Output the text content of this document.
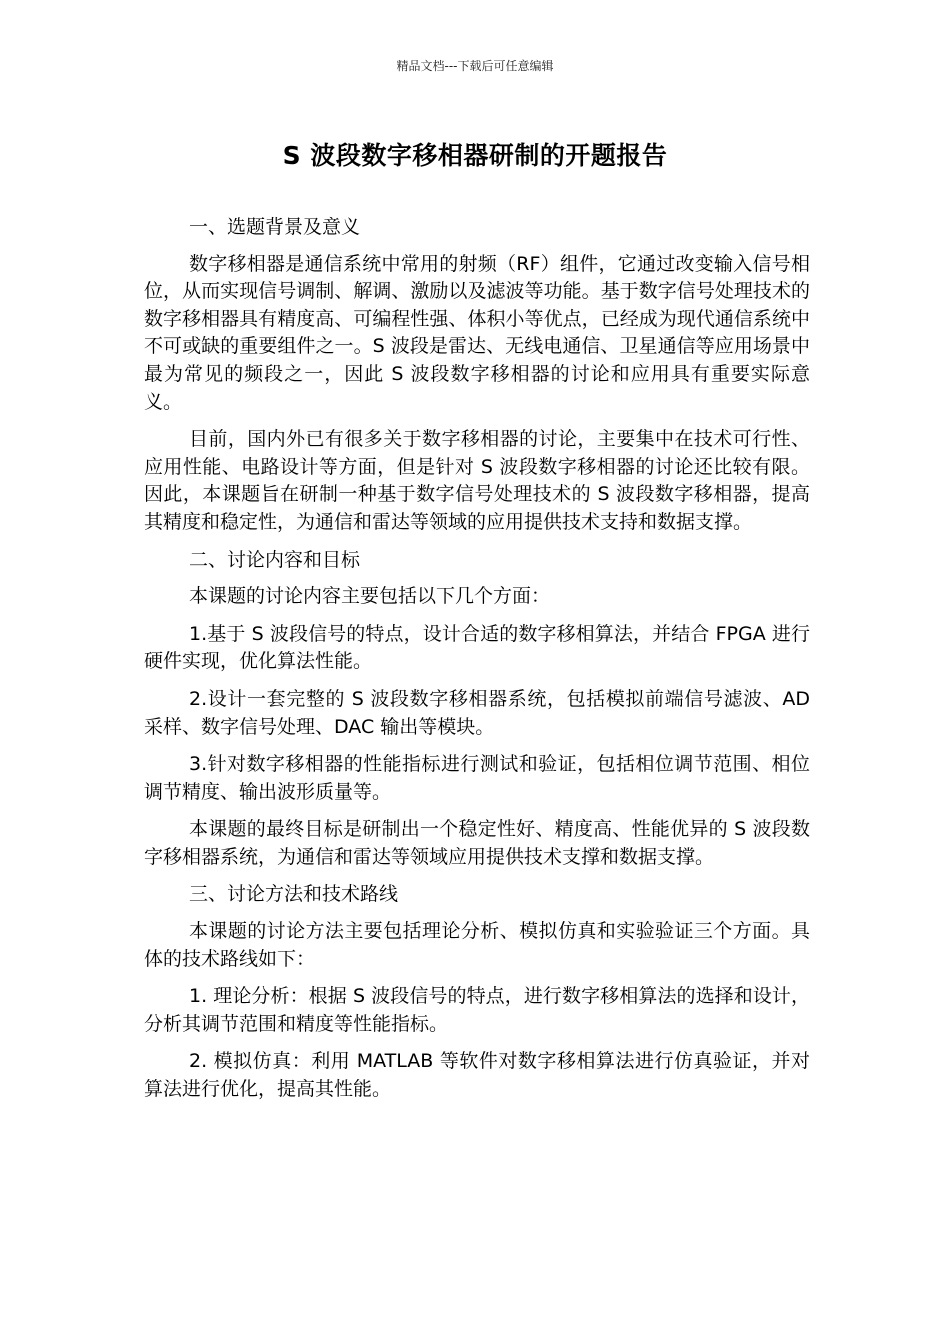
精品文档---下载后可任意编辑
S 波段数字移相器研制的开题报告

一、选题背景及意义

数字移相器是通信系统中常用的射频（RF）组件，它通过改变输入信号相位，从而实现信号调制、解调、激励以及滤波等功能。基于数字信号处理技术的数字移相器具有精度高、可编程性强、体积小等优点，已经成为现代通信系统中不可或缺的重要组件之一。S 波段是雷达、无线电通信、卫星通信等应用场景中最为常见的频段之一，因此 S 波段数字移相器的讨论和应用具有重要实际意义。

目前，国内外已有很多关于数字移相器的讨论，主要集中在技术可行性、应用性能、电路设计等方面，但是针对 S 波段数字移相器的讨论还比较有限。因此，本课题旨在研制一种基于数字信号处理技术的 S 波段数字移相器，提高其精度和稳定性，为通信和雷达等领域的应用提供技术支持和数据支撑。

二、讨论内容和目标

本课题的讨论内容主要包括以下几个方面：

1.基于 S 波段信号的特点，设计合适的数字移相算法，并结合 FPGA 进行硬件实现，优化算法性能。

2.设计一套完整的 S 波段数字移相器系统，包括模拟前端信号滤波、AD 采样、数字信号处理、DAC 输出等模块。

3.针对数字移相器的性能指标进行测试和验证，包括相位调节范围、相位调节精度、输出波形质量等。

本课题的最终目标是研制出一个稳定性好、精度高、性能优异的 S 波段数字移相器系统，为通信和雷达等领域应用提供技术支撑和数据支撑。

三、讨论方法和技术路线

本课题的讨论方法主要包括理论分析、模拟仿真和实验验证三个方面。具体的技术路线如下：

1. 理论分析：根据 S 波段信号的特点，进行数字移相算法的选择和设计，分析其调节范围和精度等性能指标。

2. 模拟仿真：利用 MATLAB 等软件对数字移相算法进行仿真验证，并对算法进行优化，提高其性能。
